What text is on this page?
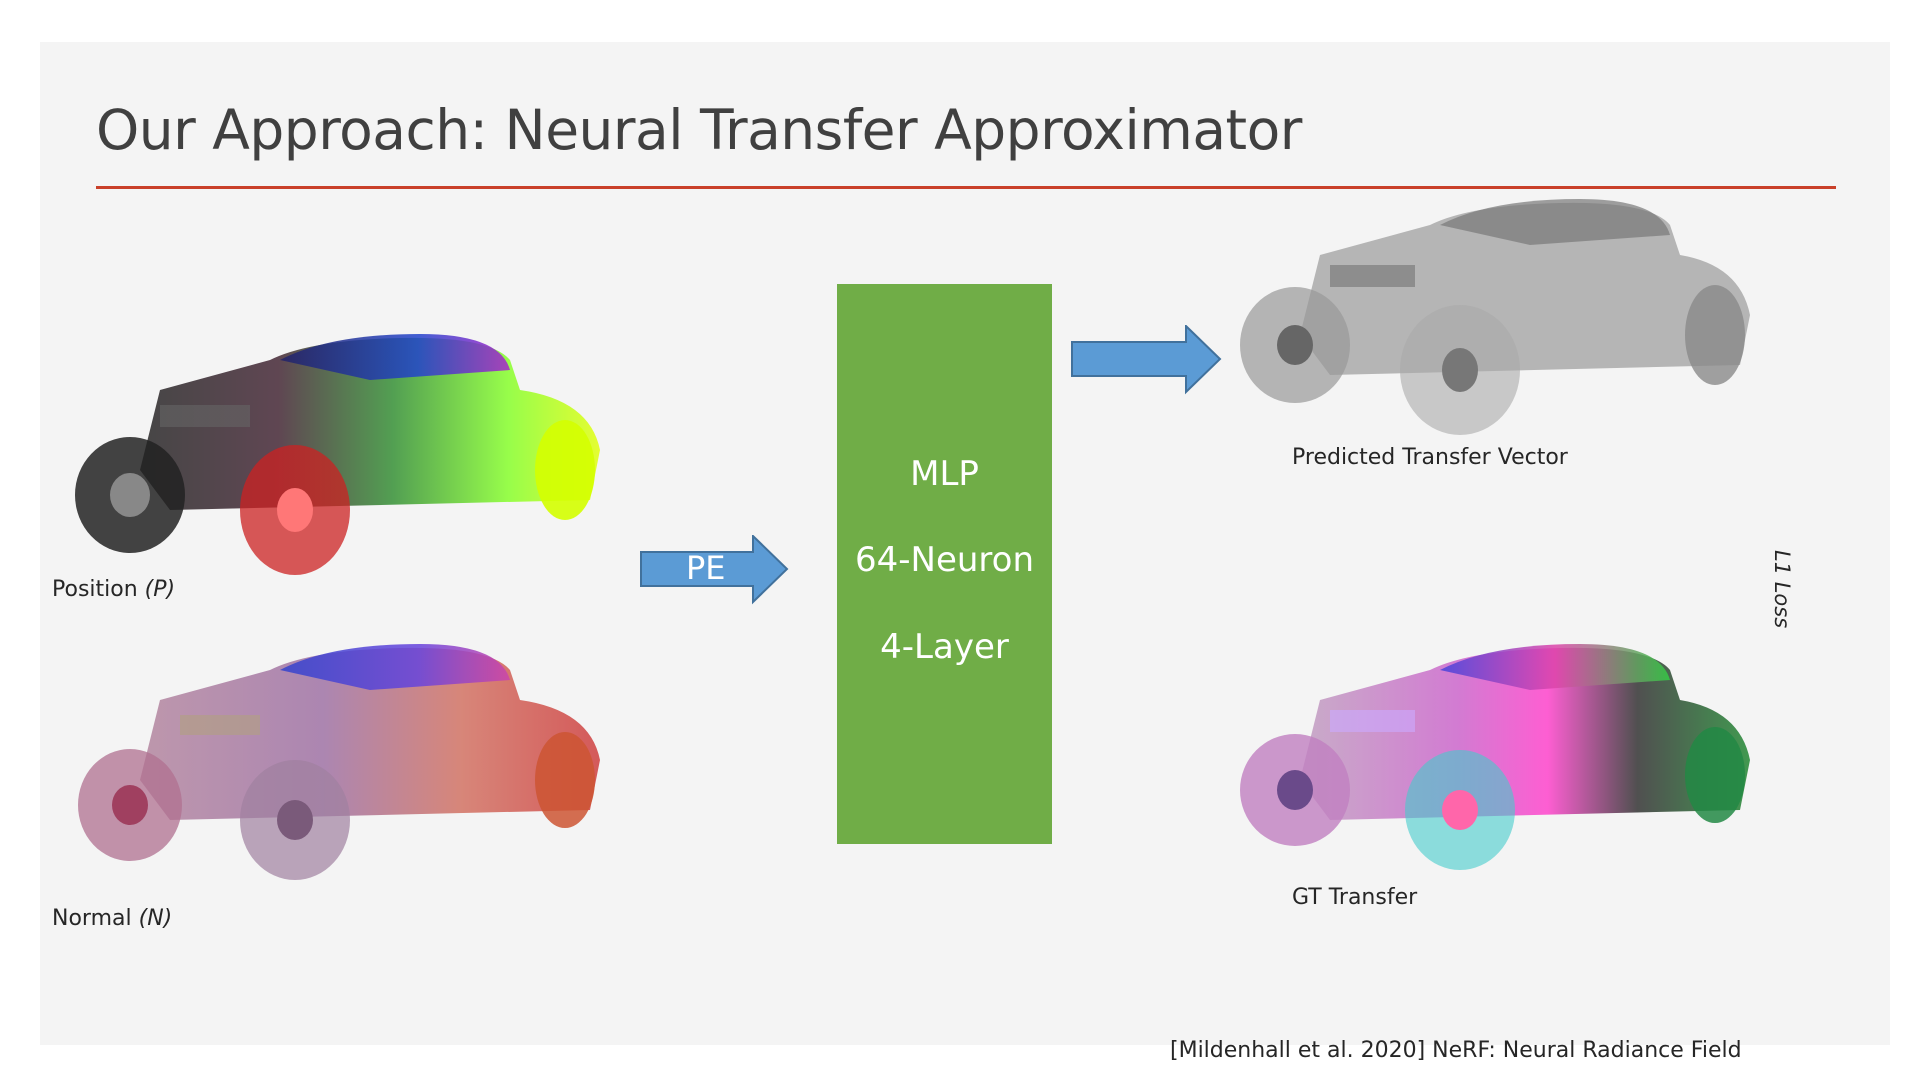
Our Approach: Neural Transfer Approximator
Position (P)
Normal (N)
PE
MLP
64-Neuron
4-Layer
Predicted Transfer Vector
L1 Loss
GT Transfer
[Mildenhall et al. 2020] NeRF: Neural Radiance Field
